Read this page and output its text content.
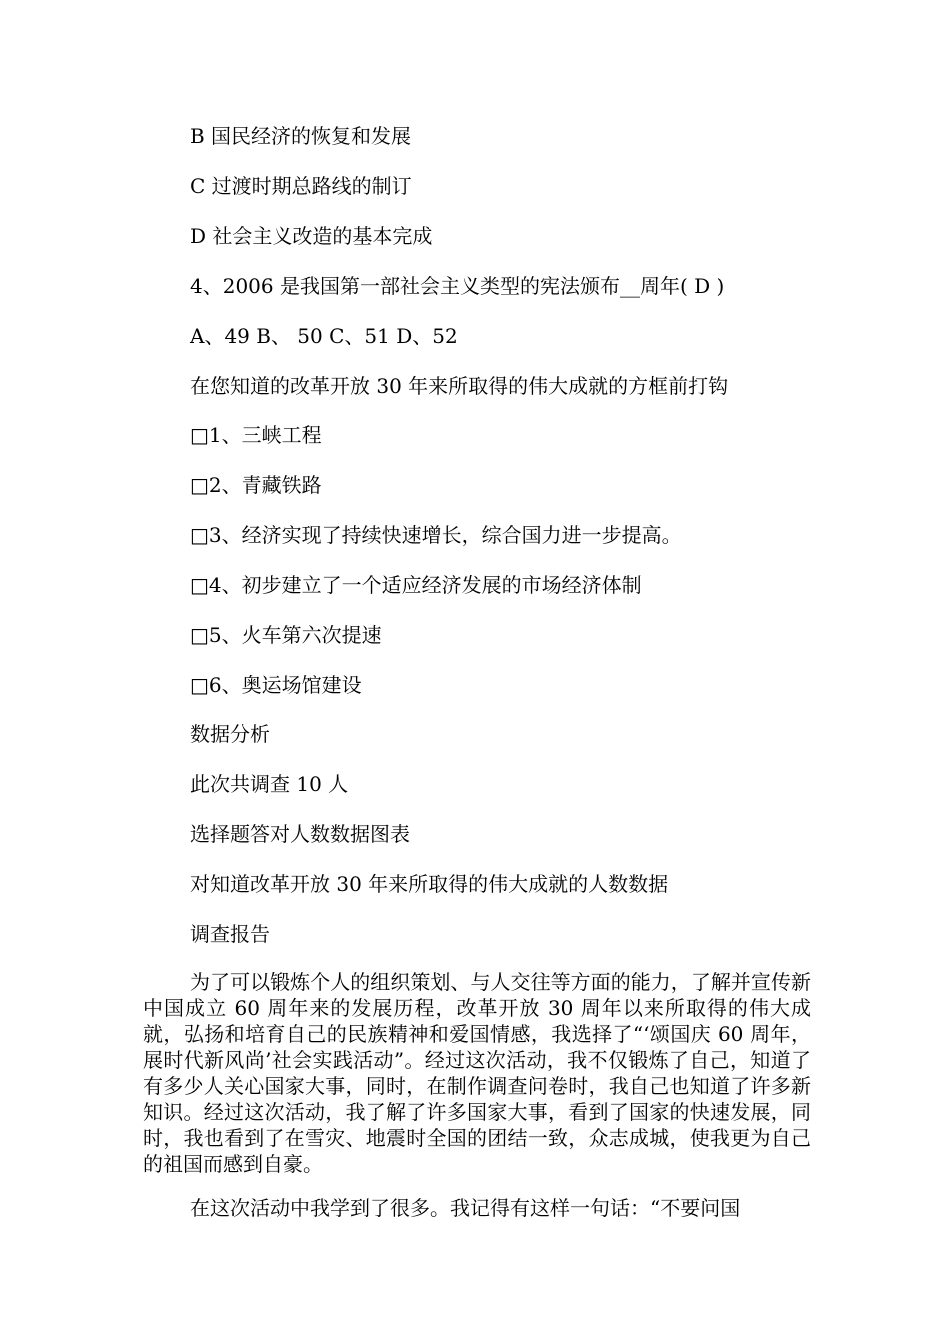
B 国民经济的恢复和发展
C 过渡时期总路线的制订
D 社会主义改造的基本完成
4、2006 是我国第一部社会主义类型的宪法颁布__周年( D )
A、49 B、 50 C、51 D、52
在您知道的改革开放 30 年来所取得的伟大成就的方框前打钩
□1、三峡工程
□2、青藏铁路
□3、经济实现了持续快速增长，综合国力进一步提高。
□4、初步建立了一个适应经济发展的市场经济体制
□5、火车第六次提速
□6、奥运场馆建设
数据分析
此次共调查 10 人
选择题答对人数数据图表
对知道改革开放 30 年来所取得的伟大成就的人数数据
调查报告
为了可以锻炼个人的组织策划、与人交往等方面的能力，了解并宣传新中国成立 60 周年来的发展历程，改革开放 30 周年以来所取得的伟大成就，弘扬和培育自己的民族精神和爱国情感，我选择了“‘颂国庆 60 周年，展时代新风尚’社会实践活动”。经过这次活动，我不仅锻炼了自己，知道了有多少人关心国家大事，同时，在制作调查问卷时，我自己也知道了许多新知识。经过这次活动，我了解了许多国家大事，看到了国家的快速发展，同时，我也看到了在雪灾、地震时全国的团结一致，众志成城，使我更为自己的祖国而感到自豪。
在这次活动中我学到了很多。我记得有这样一句话：“不要问国
